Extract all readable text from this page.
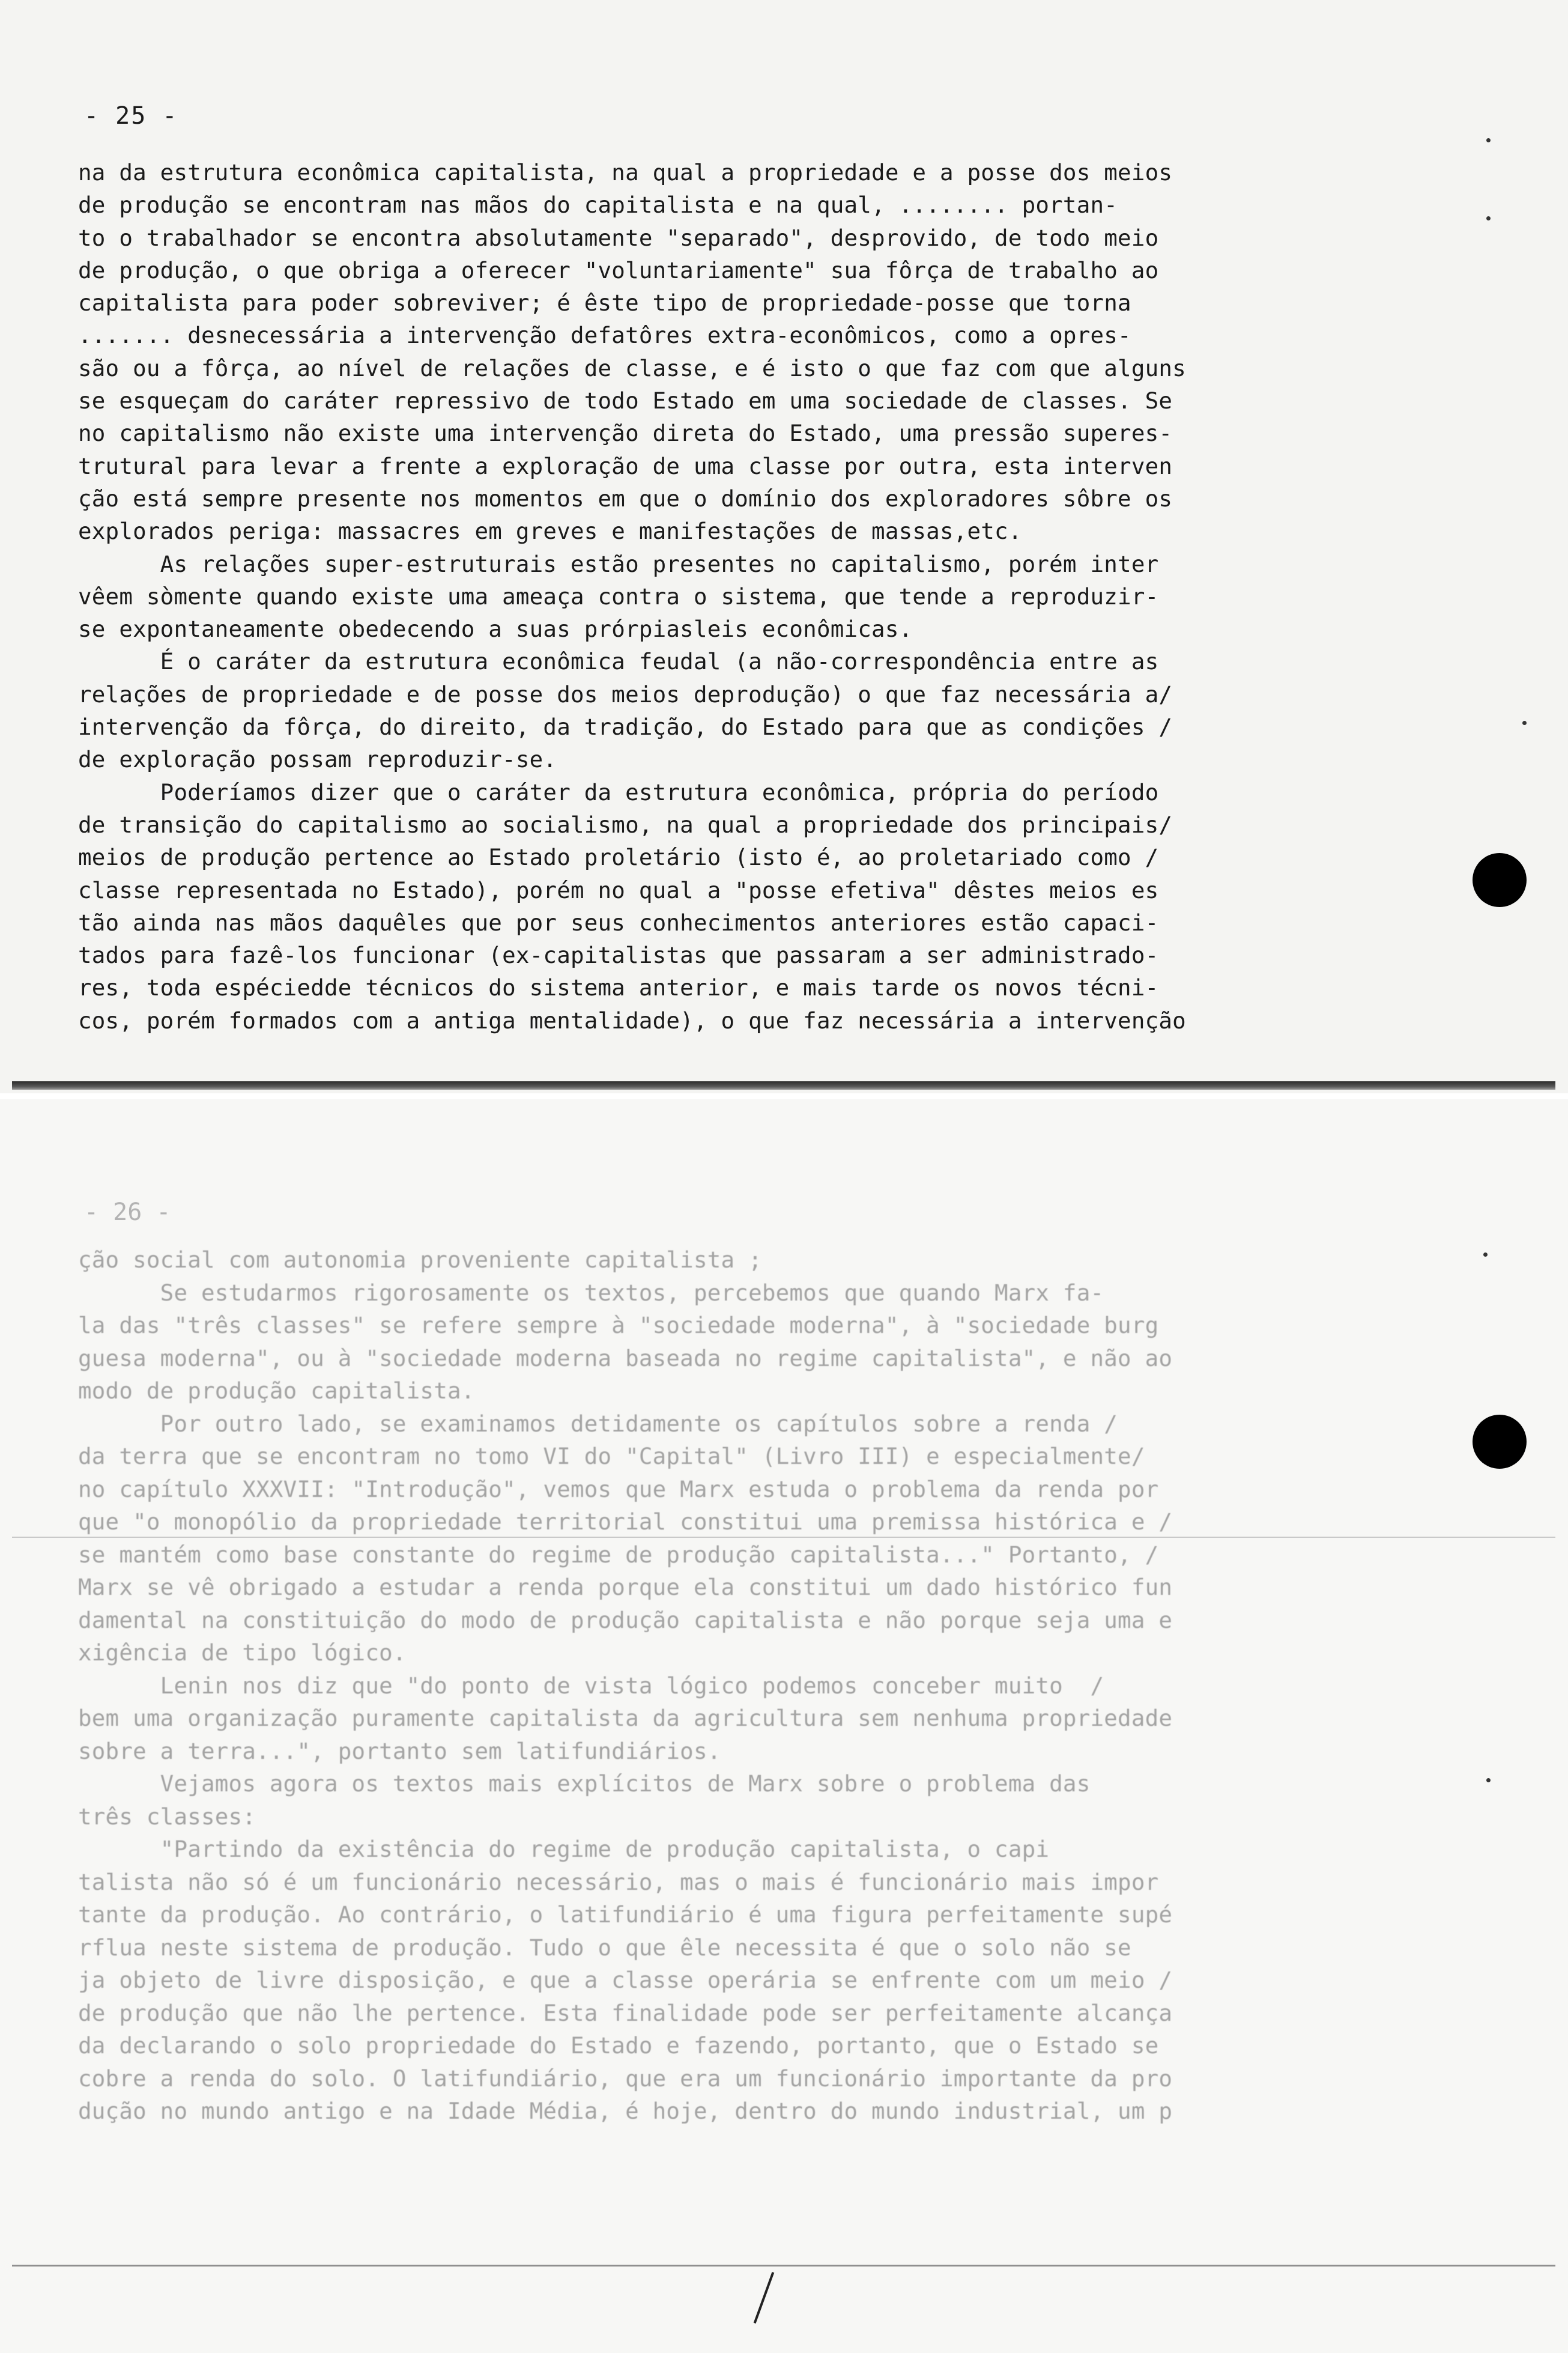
- 25 -
na da estrutura econômica capitalista, na qual a propriedade e a posse dos meios
de produção se encontram nas mãos do capitalista e na qual, ........ portan-
to o trabalhador se encontra absolutamente "separado", desprovido, de todo meio
de produção, o que obriga a oferecer "voluntariamente" sua fôrça de trabalho ao
capitalista para poder sobreviver; é êste tipo de propriedade-posse que torna
....... desnecessária a intervenção defatôres extra-econômicos, como a opres-
são ou a fôrça, ao nível de relações de classe, e é isto o que faz com que alguns
se esqueçam do caráter repressivo de todo Estado em uma sociedade de classes. Se
no capitalismo não existe uma intervenção direta do Estado, uma pressão superes-
trutural para levar a frente a exploração de uma classe por outra, esta interven
ção está sempre presente nos momentos em que o domínio dos exploradores sôbre os
explorados periga: massacres em greves e manifestações de massas,etc.
As relações super-estruturais estão presentes no capitalismo, porém inter
vêem sòmente quando existe uma ameaça contra o sistema, que tende a reproduzir-
se expontaneamente obedecendo a suas prórpiasleis econômicas.
É o caráter da estrutura econômica feudal (a não-correspondência entre as
relações de propriedade e de posse dos meios deprodução) o que faz necessária a/
intervenção da fôrça, do direito, da tradição, do Estado para que as condições /
de exploração possam reproduzir-se.
Poderíamos dizer que o caráter da estrutura econômica, própria do período
de transição do capitalismo ao socialismo, na qual a propriedade dos principais/
meios de produção pertence ao Estado proletário (isto é, ao proletariado como /
classe representada no Estado), porém no qual a "posse efetiva" dêstes meios es
tão ainda nas mãos daquêles que por seus conhecimentos anteriores estão capaci-
tados para fazê-los funcionar (ex-capitalistas que passaram a ser administrado-
res, toda espéciedde técnicos do sistema anterior, e mais tarde os novos técni-
cos, porém formados com a antiga mentalidade), o que faz necessária a intervenção
- 26 -
ção social com autonomia proveniente capitalista ;
Se estudarmos rigorosamente os textos, percebemos que quando Marx fa-
la das "três classes" se refere sempre à "sociedade moderna", à "sociedade burg
guesa moderna", ou à "sociedade moderna baseada no regime capitalista", e não ao
modo de produção capitalista.
Por outro lado, se examinamos detidamente os capítulos sobre a renda /
da terra que se encontram no tomo VI do "Capital" (Livro III) e especialmente/
no capítulo XXXVII: "Introdução", vemos que Marx estuda o problema da renda por
que "o monopólio da propriedade territorial constitui uma premissa histórica e /
se mantém como base constante do regime de produção capitalista..." Portanto, /
Marx se vê obrigado a estudar a renda porque ela constitui um dado histórico fun
damental na constituição do modo de produção capitalista e não porque seja uma e
xigência de tipo lógico.
Lenin nos diz que "do ponto de vista lógico podemos conceber muito  /
bem uma organização puramente capitalista da agricultura sem nenhuma propriedade
sobre a terra...", portanto sem latifundiários.
Vejamos agora os textos mais explícitos de Marx sobre o problema das
três classes:
"Partindo da existência do regime de produção capitalista, o capi
talista não só é um funcionário necessário, mas o mais é funcionário mais impor
tante da produção. Ao contrário, o latifundiário é uma figura perfeitamente supé
rflua neste sistema de produção. Tudo o que êle necessita é que o solo não se
ja objeto de livre disposição, e que a classe operária se enfrente com um meio /
de produção que não lhe pertence. Esta finalidade pode ser perfeitamente alcança
da declarando o solo propriedade do Estado e fazendo, portanto, que o Estado se
cobre a renda do solo. O latifundiário, que era um funcionário importante da pro
dução no mundo antigo e na Idade Média, é hoje, dentro do mundo industrial, um p
